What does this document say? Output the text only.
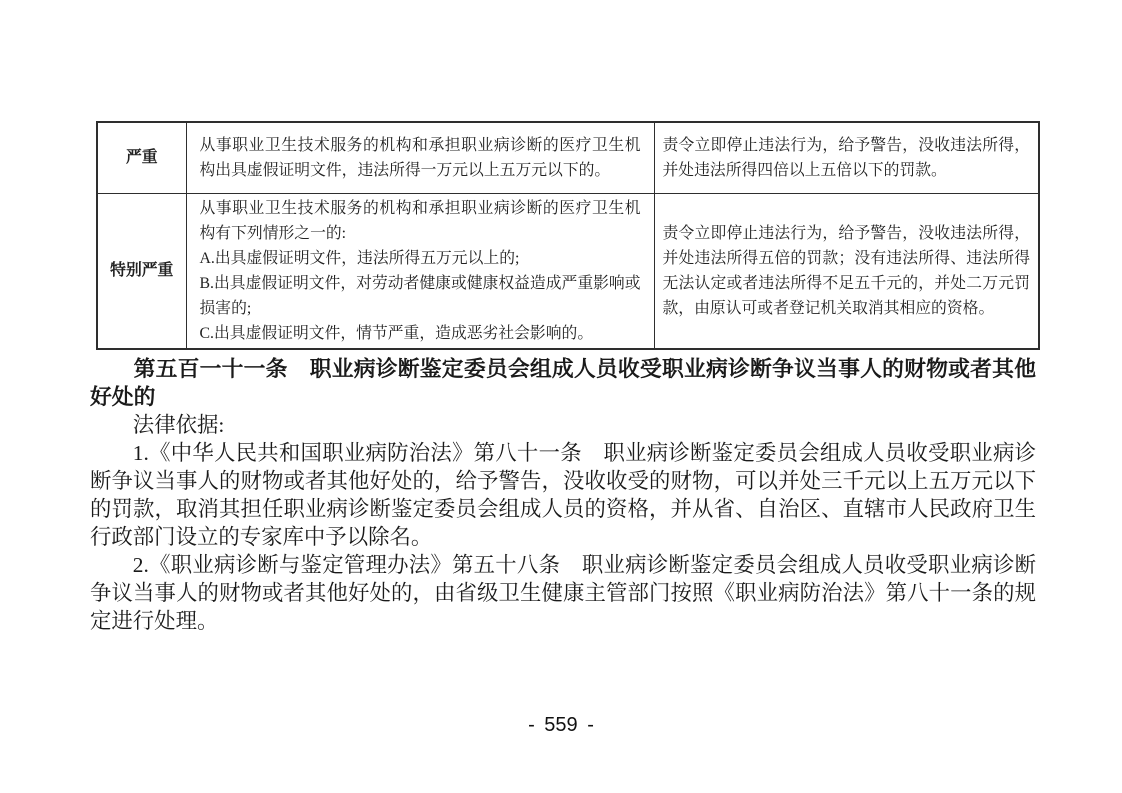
严重	从事职业卫生技术服务的机构和承担职业病诊断的医疗卫生机构出具虚假证明文件，违法所得一万元以上五万元以下的。	责令立即停止违法行为，给予警告，没收违法所得，并处违法所得四倍以上五倍以下的罚款。

特别严重	从事职业卫生技术服务的机构和承担职业病诊断的医疗卫生机构有下列情形之一的:
A.出具虚假证明文件，违法所得五万元以上的;
B.出具虚假证明文件，对劳动者健康或健康权益造成严重影响或损害的;
C.出具虚假证明文件，情节严重，造成恶劣社会影响的。	责令立即停止违法行为，给予警告，没收违法所得，并处违法所得五倍的罚款；没有违法所得、违法所得无法认定或者违法所得不足五千元的，并处二万元罚款，由原认可或者登记机关取消其相应的资格。

第五百一十一条　职业病诊断鉴定委员会组成人员收受职业病诊断争议当事人的财物或者其他好处的

法律依据:

1.《中华人民共和国职业病防治法》第八十一条　职业病诊断鉴定委员会组成人员收受职业病诊断争议当事人的财物或者其他好处的，给予警告，没收收受的财物，可以并处三千元以上五万元以下的罚款，取消其担任职业病诊断鉴定委员会组成人员的资格，并从省、自治区、直辖市人民政府卫生行政部门设立的专家库中予以除名。

2.《职业病诊断与鉴定管理办法》第五十八条　职业病诊断鉴定委员会组成人员收受职业病诊断争议当事人的财物或者其他好处的，由省级卫生健康主管部门按照《职业病防治法》第八十一条的规定进行处理。

- 559 -
